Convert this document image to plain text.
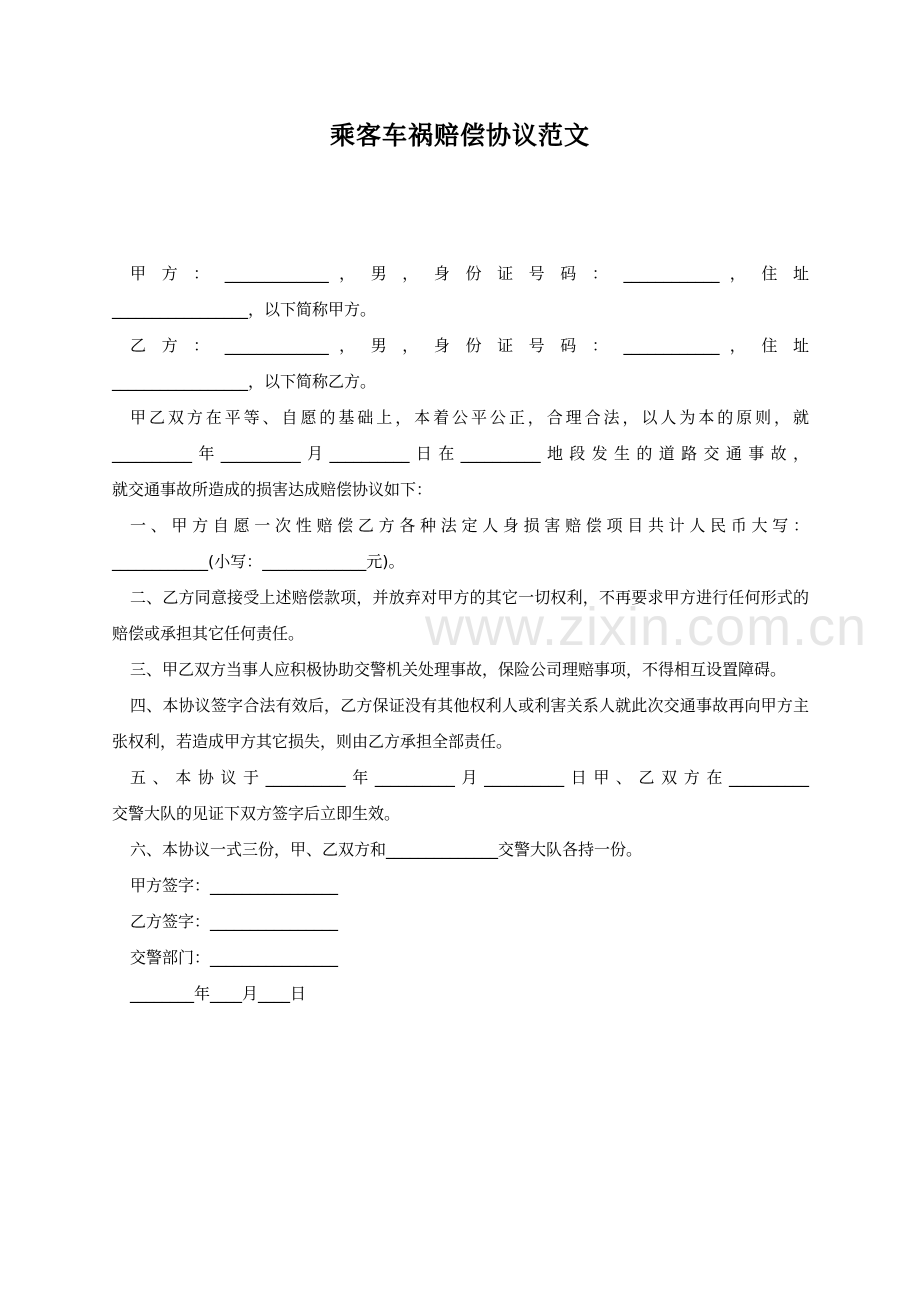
乘客车祸赔偿协议范文
www.zixin.com.cn

甲 方 ： _____________ ， 男 ， 身 份 证 号 码 ： ____________ ， 住 址

_________________，以下简称甲方。

乙 方 ： _____________ ， 男 ， 身 份 证 号 码 ： ____________ ， 住 址

_________________，以下简称乙方。

甲乙双方在平等、自愿的基础上，本着公平公正，合理合法，以人为本的原则，就

__________年__________月__________日在__________地段发生的道路交通事故，

就交通事故所造成的损害达成赔偿协议如下：

一、甲方自愿一次性赔偿乙方各种法定人身损害赔偿项目共计人民币大写：

____________(小写：_____________元)。

二、乙方同意接受上述赔偿款项，并放弃对甲方的其它一切权利，不再要求甲方进行任何形式的赔偿或承担其它任何责任。

三、甲乙双方当事人应积极协助交警机关处理事故，保险公司理赔事项，不得相互设置障碍。

四、本协议签字合法有效后，乙方保证没有其他权利人或利害关系人就此次交通事故再向甲方主张权利，若造成甲方其它损失，则由乙方承担全部责任。

五、本协议于__________年__________月__________日甲、乙双方在__________

交警大队的见证下双方签字后立即生效。

六、本协议一式三份，甲、乙双方和______________交警大队各持一份。

甲方签字：________________

乙方签字：________________

交警部门：________________

________年____月____日
